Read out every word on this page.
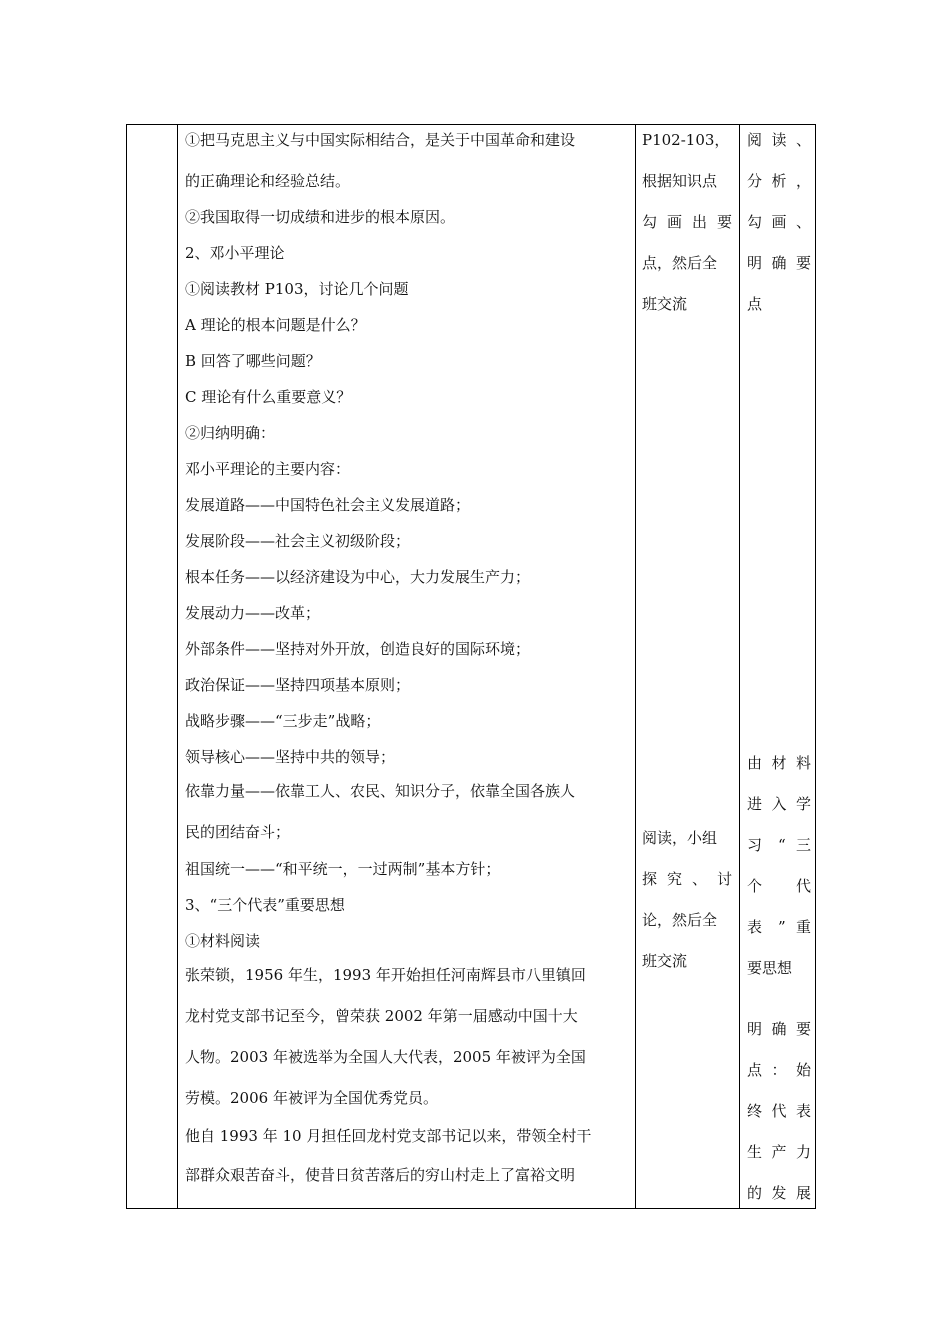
①把马克思主义与中国实际相结合，是关于中国革命和建设
的正确理论和经验总结。
②我国取得一切成绩和进步的根本原因。
2、邓小平理论
①阅读教材 P103，讨论几个问题
A 理论的根本问题是什么？
B 回答了哪些问题？
C 理论有什么重要意义？
②归纳明确：
邓小平理论的主要内容：
发展道路——中国特色社会主义发展道路；
发展阶段——社会主义初级阶段；
根本任务——以经济建设为中心，大力发展生产力；
发展动力——改革；
外部条件——坚持对外开放，创造良好的国际环境；
政治保证——坚持四项基本原则；
战略步骤——“三步走”战略；
领导核心——坚持中共的领导；
依靠力量——依靠工人、农民、知识分子，依靠全国各族人
民的团结奋斗；
祖国统一——“和平统一，一过两制”基本方针；
3、“三个代表”重要思想
①材料阅读
张荣锁，1956 年生，1993 年开始担任河南辉县市八里镇回
龙村党支部书记至今，曾荣获 2002 年第一届感动中国十大
人物。2003 年被选举为全国人大代表，2005 年被评为全国
劳模。2006 年被评为全国优秀党员。
他自 1993 年 10 月担任回龙村党支部书记以来，带领全村干
部群众艰苦奋斗，使昔日贫苦落后的穷山村走上了富裕文明
P102-103，
根据知识点
勾 画 出 要
点，然后全
班交流
阅读，小组
探 究 、 讨
论，然后全
班交流
阅 读 、
分 析 ，
勾 画 、
明 确 要
点
由 材 料
进 入 学
习 “ 三
个 代
表 ” 重
要思想
明 确 要
点 ： 始
终 代 表
生 产 力
的 发 展
